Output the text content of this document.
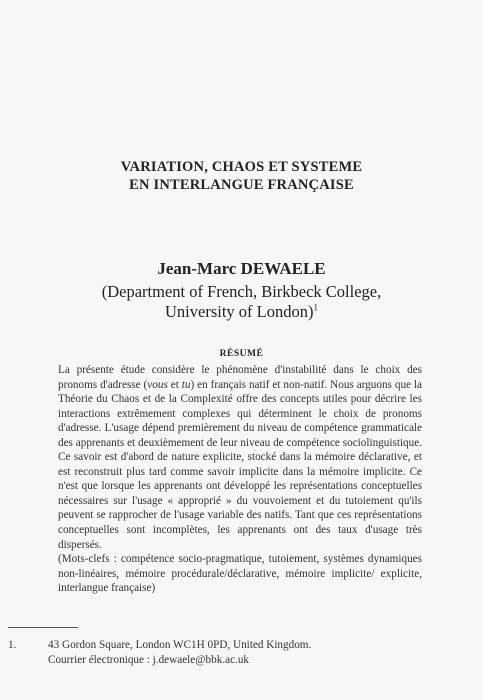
VARIATION, CHAOS ET SYSTEME
EN INTERLANGUE FRANÇAISE
Jean-Marc DEWAELE
(Department of French, Birkbeck College,
University of London)$^1$
RÉSUMÉ

La présente étude considère le phénomène d'instabilité dans le choix des pronoms d'adresse (vous et tu) en français natif et non-natif. Nous arguons que la Théorie du Chaos et de la Complexité offre des concepts utiles pour décrire les interactions extrêmement complexes qui déterminent le choix de pronoms d'adresse. L'usage dépend premièrement du niveau de compétence grammaticale des apprenants et deuxièmement de leur niveau de compétence sociolinguistique. Ce savoir est d'abord de nature explicite, stocké dans la mémoire déclarative, et est reconstruit plus tard comme savoir implicite dans la mémoire implicite. Ce n'est que lorsque les apprenants ont développé les représentations conceptuelles nécessaires sur l'usage « approprié » du vouvoiement et du tutoiement qu'ils peuvent se rapprocher de l'usage variable des natifs. Tant que ces représentations conceptuelles sont incomplètes, les apprenants ont des taux d'usage très dispersés.

(Mots-clefs : compétence socio-pragmatique, tutoiement, systèmes dynamiques non-linéaires, mémoire procédurale/déclarative, mémoire implicite/ explicite, interlangue française)

1.	43 Gordon Square, London WC1H 0PD, United Kingdom.
Courrier électronique : j.dewaele@bbk.ac.uk
